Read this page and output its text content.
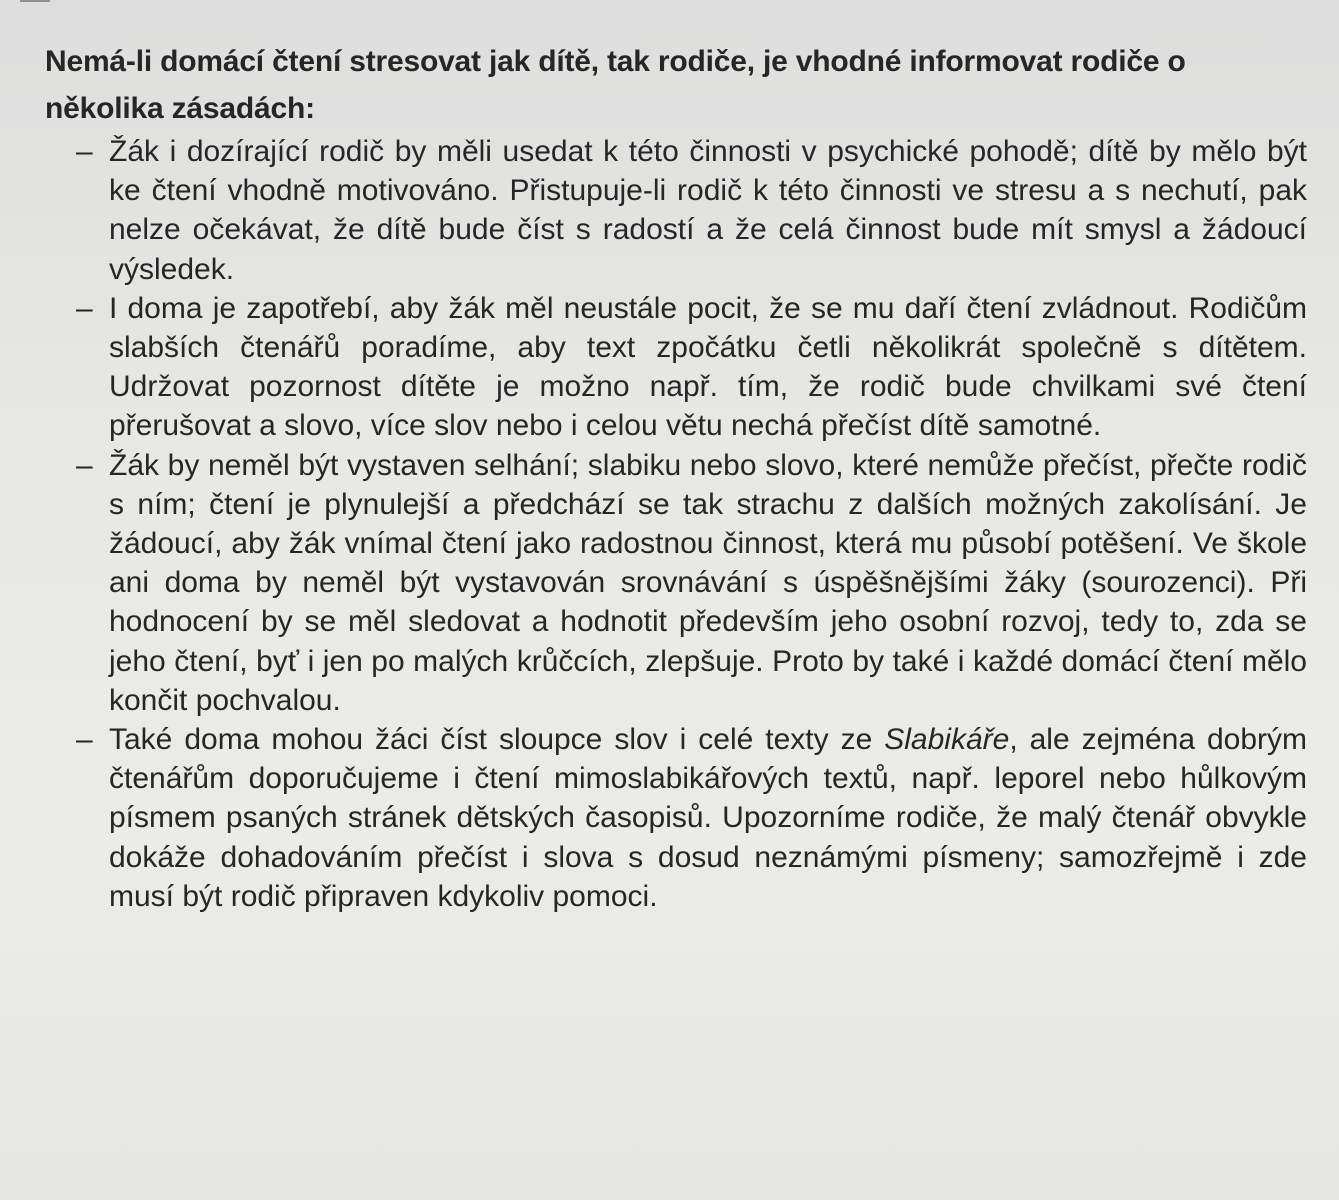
Nemá-li domácí čtení stresovat jak dítě, tak rodiče, je vhodné informovat rodiče o několika zásadách:

– Žák i dozírající rodič by měli usedat k této činnosti v psychické pohodě; dítě by mělo být ke čtení vhodně motivováno. Přistupuje-li rodič k této činnosti ve stresu a s nechutí, pak nelze očekávat, že dítě bude číst s radostí a že celá činnost bude mít smysl a žádoucí výsledek.
– I doma je zapotřebí, aby žák měl neustále pocit, že se mu daří čtení zvládnout. Rodičům slabších čtenářů poradíme, aby text zpočátku četli několikrát společně s dítětem. Udržovat pozornost dítěte je možno např. tím, že rodič bude chvilkami své čtení přerušovat a slovo, více slov nebo i celou větu nechá přečíst dítě samotné.
– Žák by neměl být vystaven selhání; slabiku nebo slovo, které nemůže přečíst, přečte rodič s ním; čtení je plynulejší a předchází se tak strachu z dalších možných zakolísání. Je žádoucí, aby žák vnímal čtení jako radostnou činnost, která mu působí potěšení. Ve škole ani doma by neměl být vystavován srovnávání s úspěšnějšími žáky (sourozenci). Při hodnocení by se měl sledovat a hodnotit především jeho osobní rozvoj, tedy to, zda se jeho čtení, byť i jen po malých krůčcích, zlepšuje. Proto by také i každé domácí čtení mělo končit pochvalou.
– Také doma mohou žáci číst sloupce slov i celé texty ze Slabikáře, ale zejména dobrým čtenářům doporučujeme i čtení mimoslabikářových textů, např. leporel nebo hůlkovým písmem psaných stránek dětských časopisů. Upozorníme rodiče, že malý čtenář obvykle dokáže dohadováním přečíst i slova s dosud neznámými písmeny; samozřejmě i zde musí být rodič připraven kdykoliv pomoci.
